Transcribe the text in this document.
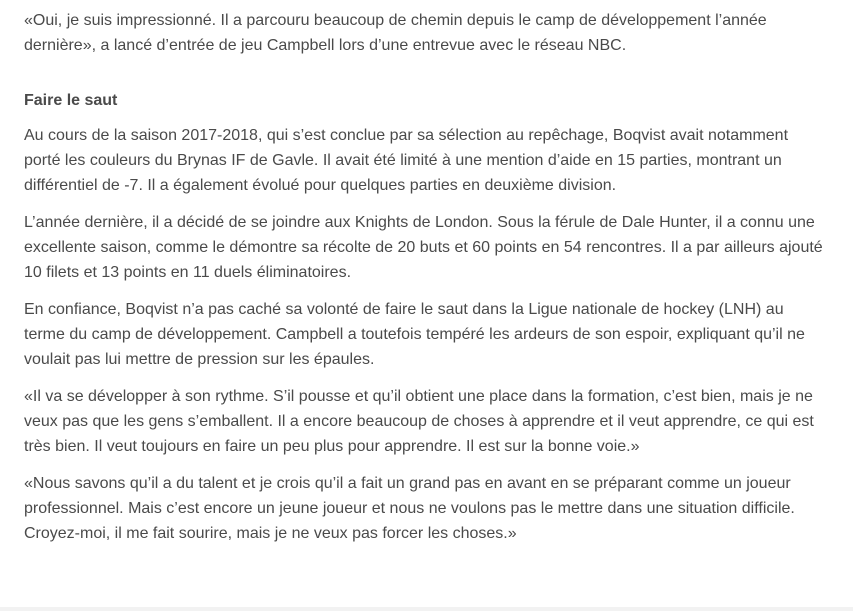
«Oui, je suis impressionné. Il a parcouru beaucoup de chemin depuis le camp de développement l’année dernière», a lancé d’entrée de jeu Campbell lors d’une entrevue avec le réseau NBC.

Faire le saut

Au cours de la saison 2017-2018, qui s’est conclue par sa sélection au repêchage, Boqvist avait notamment porté les couleurs du Brynas IF de Gavle. Il avait été limité à une mention d’aide en 15 parties, montrant un différentiel de -7. Il a également évolué pour quelques parties en deuxième division.

L’année dernière, il a décidé de se joindre aux Knights de London. Sous la férule de Dale Hunter, il a connu une excellente saison, comme le démontre sa récolte de 20 buts et 60 points en 54 rencontres. Il a par ailleurs ajouté 10 filets et 13 points en 11 duels éliminatoires.

En confiance, Boqvist n’a pas caché sa volonté de faire le saut dans la Ligue nationale de hockey (LNH) au terme du camp de développement. Campbell a toutefois tempéré les ardeurs de son espoir, expliquant qu’il ne voulait pas lui mettre de pression sur les épaules.

«Il va se développer à son rythme. S’il pousse et qu’il obtient une place dans la formation, c’est bien, mais je ne veux pas que les gens s’emballent. Il a encore beaucoup de choses à apprendre et il veut apprendre, ce qui est très bien. Il veut toujours en faire un peu plus pour apprendre. Il est sur la bonne voie.»

«Nous savons qu’il a du talent et je crois qu’il a fait un grand pas en avant en se préparant comme un joueur professionnel. Mais c’est encore un jeune joueur et nous ne voulons pas le mettre dans une situation difficile. Croyez-moi, il me fait sourire, mais je ne veux pas forcer les choses.»
